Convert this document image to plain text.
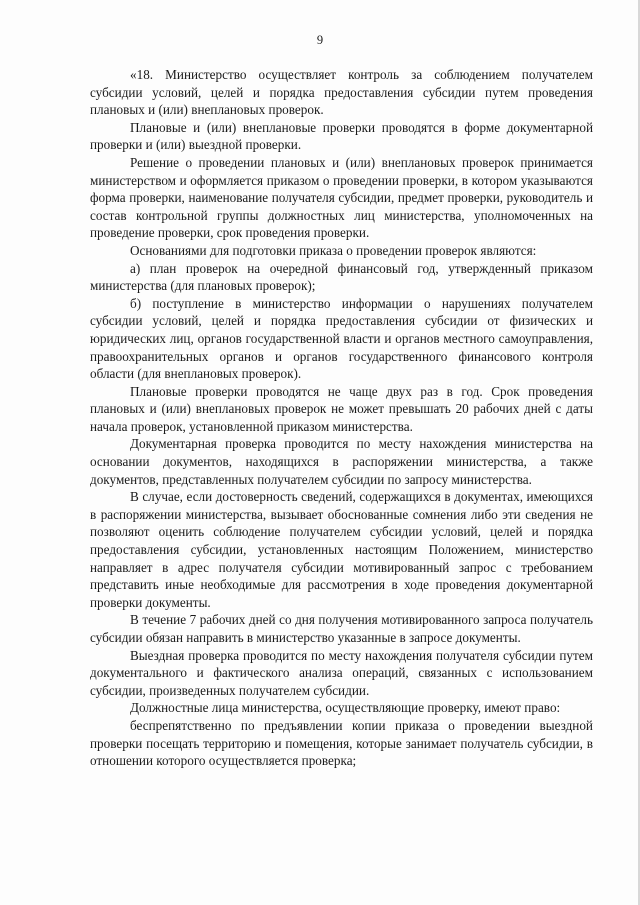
9

«18. Министерство осуществляет контроль за соблюдением получателем субсидии условий, целей и порядка предоставления субсидии путем проведения плановых и (или) внеплановых проверок.

Плановые и (или) внеплановые проверки проводятся в форме документарной проверки и (или) выездной проверки.

Решение о проведении плановых и (или) внеплановых проверок принимается министерством и оформляется приказом о проведении проверки, в котором указываются форма проверки, наименование получателя субсидии, предмет проверки, руководитель и состав контрольной группы должностных лиц министерства, уполномоченных на проведение проверки, срок проведения проверки.

Основаниями для подготовки приказа о проведении проверок являются:

а) план проверок на очередной финансовый год, утвержденный приказом министерства (для плановых проверок);

б) поступление в министерство информации о нарушениях получателем субсидии условий, целей и порядка предоставления субсидии от физических и юридических лиц, органов государственной власти и органов местного самоуправления, правоохранительных органов и органов государственного финансового контроля области (для внеплановых проверок).

Плановые проверки проводятся не чаще двух раз в год. Срок проведения плановых и (или) внеплановых проверок не может превышать 20 рабочих дней с даты начала проверок, установленной приказом министерства.

Документарная проверка проводится по месту нахождения министерства на основании документов, находящихся в распоряжении министерства, а также документов, представленных получателем субсидии по запросу министерства.

В случае, если достоверность сведений, содержащихся в документах, имеющихся в распоряжении министерства, вызывает обоснованные сомнения либо эти сведения не позволяют оценить соблюдение получателем субсидии условий, целей и порядка предоставления субсидии, установленных настоящим Положением, министерство направляет в адрес получателя субсидии мотивированный запрос с требованием представить иные необходимые для рассмотрения в ходе проведения документарной проверки документы.

В течение 7 рабочих дней со дня получения мотивированного запроса получатель субсидии обязан направить в министерство указанные в запросе документы.

Выездная проверка проводится по месту нахождения получателя субсидии путем документального и фактического анализа операций, связанных с использованием субсидии, произведенных получателем субсидии.

Должностные лица министерства, осуществляющие проверку, имеют право:

беспрепятственно по предъявлении копии приказа о проведении выездной проверки посещать территорию и помещения, которые занимает получатель субсидии, в отношении которого осуществляется проверка;
